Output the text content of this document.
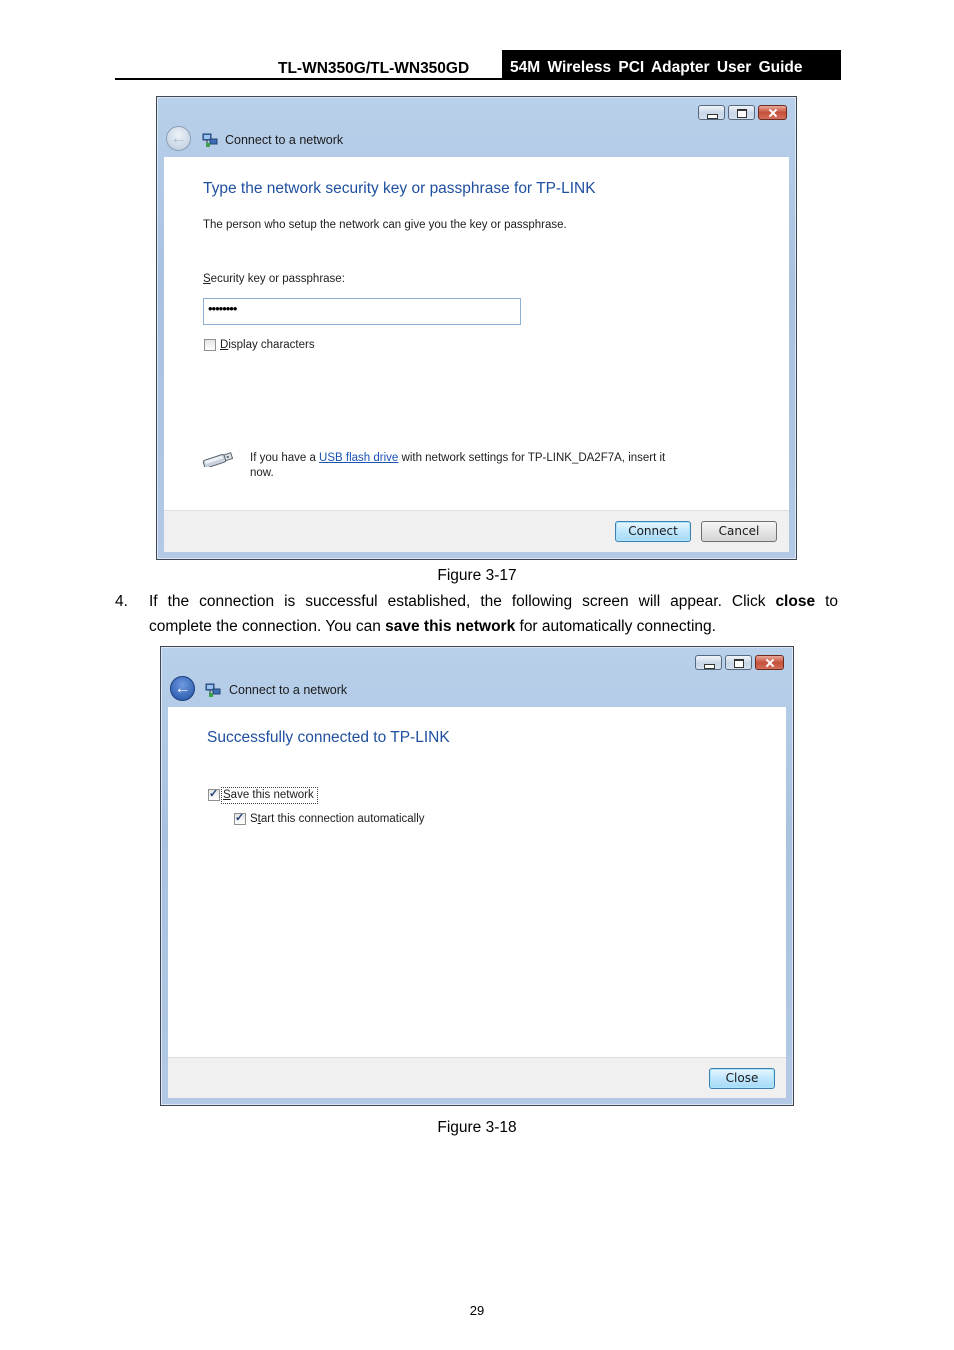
TL-WN350G/TL-WN350GD	54M Wireless PCI Adapter User Guide
←	Connect to a network
Type the network security key or passphrase for TP-LINK
The person who setup the network can give you the key or passphrase.
Security key or passphrase:
••••••••
Display characters
If you have a USB flash drive with network settings for TP-LINK_DA2F7A, insert it
now.
Connect	Cancel
Figure 3-17
4. If the connection is successful established, the following screen will appear. Click close to
complete the connection. You can save this network for automatically connecting.
←	Connect to a network
Successfully connected to TP-LINK
✓
Save this network
✓
Start this connection automatically
Close
Figure 3-18
29
